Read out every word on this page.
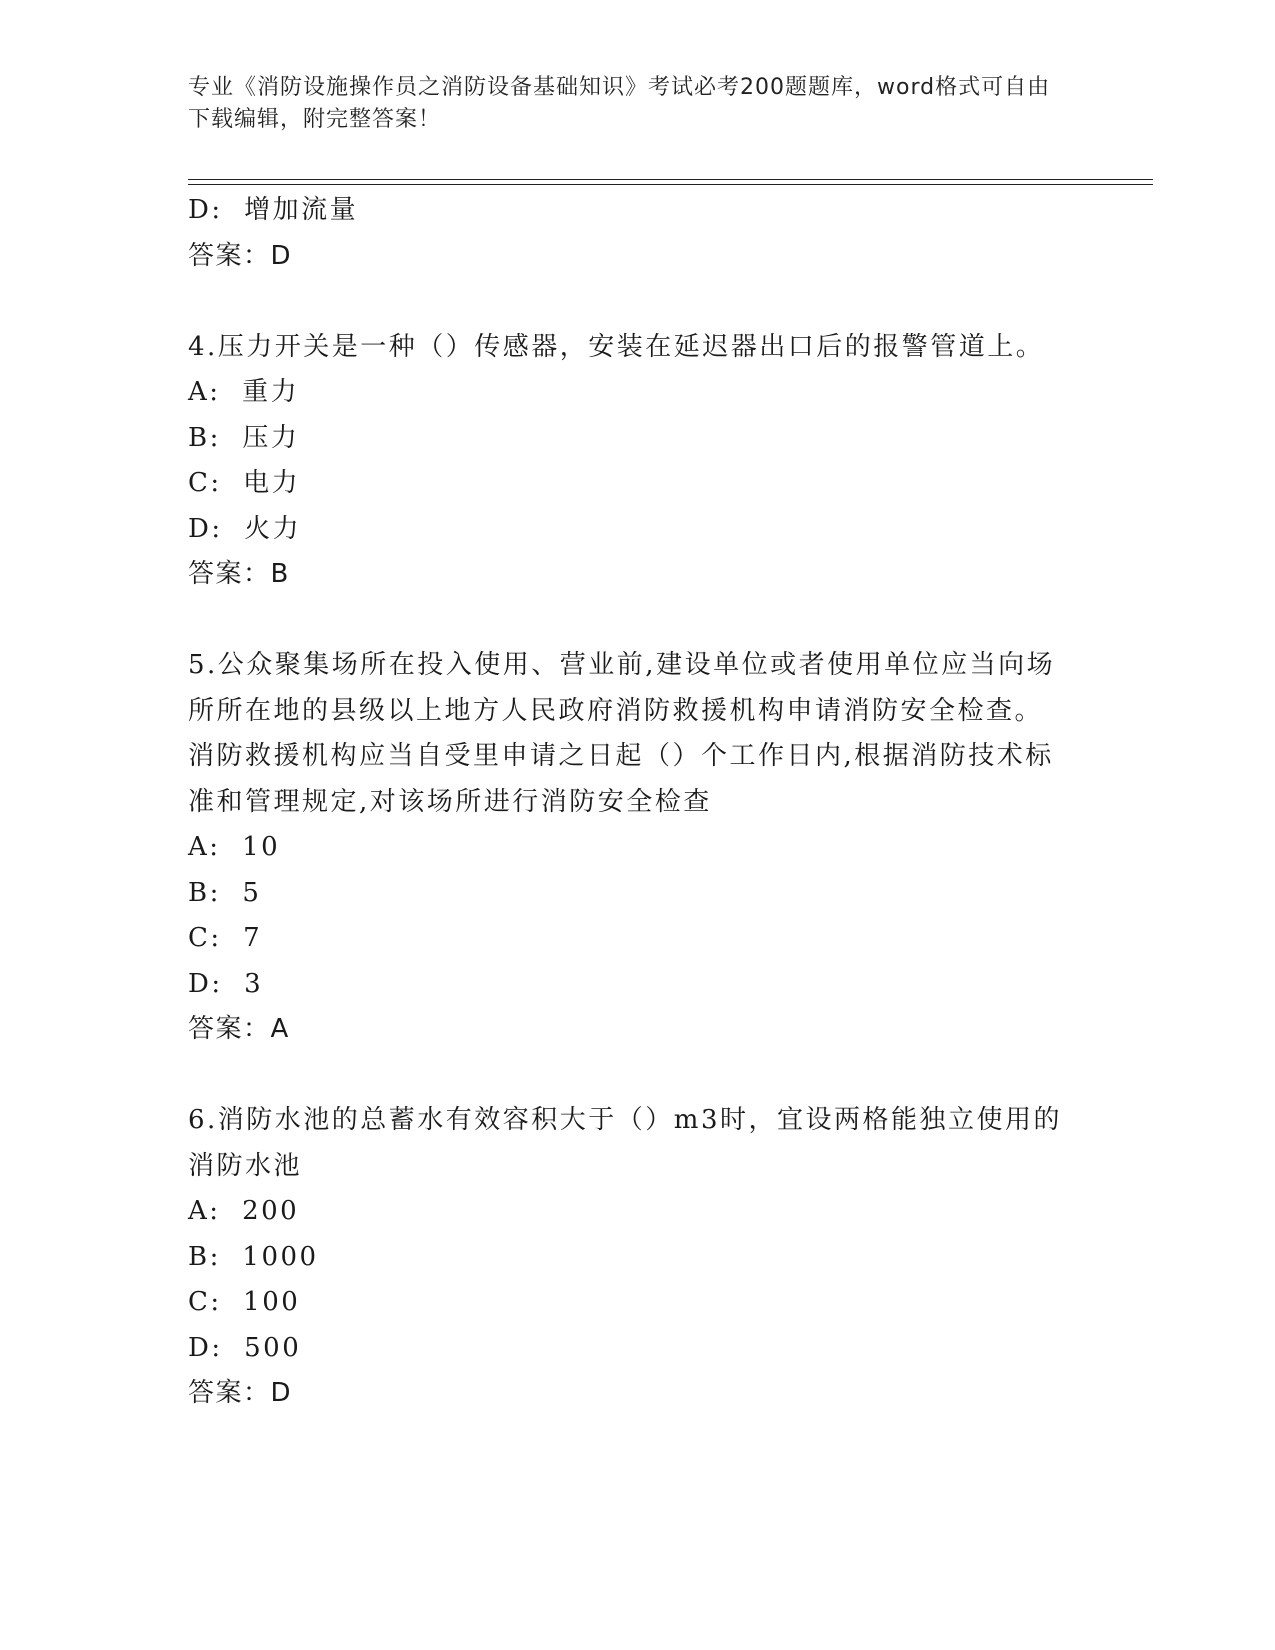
专业《消防设施操作员之消防设备基础知识》考试必考200题题库，word格式可自由下载编辑，附完整答案！
D:  增加流量
答案：D
4.压力开关是一种（）传感器，安装在延迟器出口后的报警管道上。
A:  重力
B:  压力
C:  电力
D:  火力
答案：B
5.公众聚集场所在投入使用、营业前,建设单位或者使用单位应当向场所所在地的县级以上地方人民政府消防救援机构申请消防安全检查。消防救援机构应当自受里申请之日起（）个工作日内,根据消防技术标准和管理规定,对该场所进行消防安全检查
A:  10
B:  5
C:  7
D:  3
答案：A
6.消防水池的总蓄水有效容积大于（）m3时，宜设两格能独立使用的消防水池
A:  200
B:  1000
C:  100
D:  500
答案：D
